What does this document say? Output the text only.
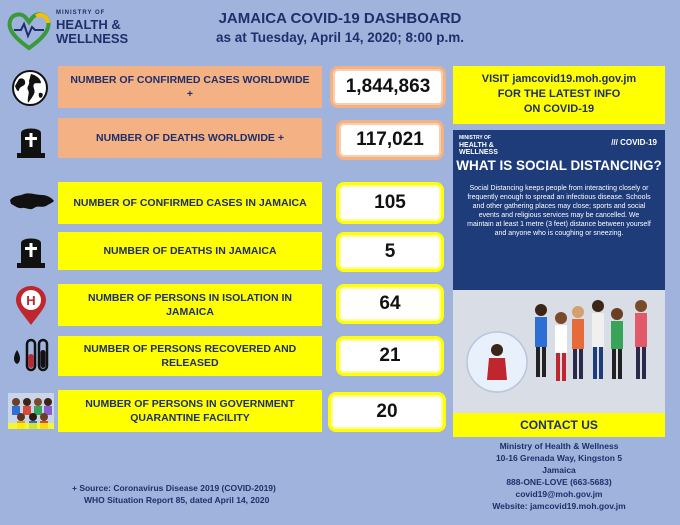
MINISTRY OF
HEALTH &
WELLNESS
JAMAICA COVID-19 DASHBOARD
as at Tuesday, April 14, 2020; 8:00 p.m.
H
NUMBER OF CONFIRMED CASES WORLDWIDE +	1,844,863
NUMBER OF DEATHS WORLDWIDE +	117,021
NUMBER OF CONFIRMED CASES IN JAMAICA	105
NUMBER OF DEATHS IN JAMAICA	5
NUMBER OF PERSONS IN ISOLATION IN JAMAICA	64
NUMBER OF PERSONS RECOVERED AND RELEASED	21
NUMBER OF PERSONS IN GOVERNMENT QUARANTINE FACILITY	20
VISIT jamcovid19.moh.gov.jm
FOR THE LATEST INFO
ON COVID-19
MINISTRY OF
HEALTH &
WELLNESS
/// COVID-19
WHAT IS SOCIAL DISTANCING?
Social Distancing keeps people from interacting closely or frequently enough to spread an infectious disease. Schools and other gathering places may close; sports and social events and religious services may be cancelled. We maintain at least 1 metre (3 feet) distance between yourself and anyone who is coughing or sneezing.
CONTACT US
Ministry of Health & Wellness
10-16 Grenada Way, Kingston 5
Jamaica
888-ONE-LOVE (663-5683)
covid19@moh.gov.jm
Website: jamcovid19.moh.gov.jm
+ Source: Coronavirus Disease 2019 (COVID-2019)
WHO Situation Report 85, dated April 14, 2020
